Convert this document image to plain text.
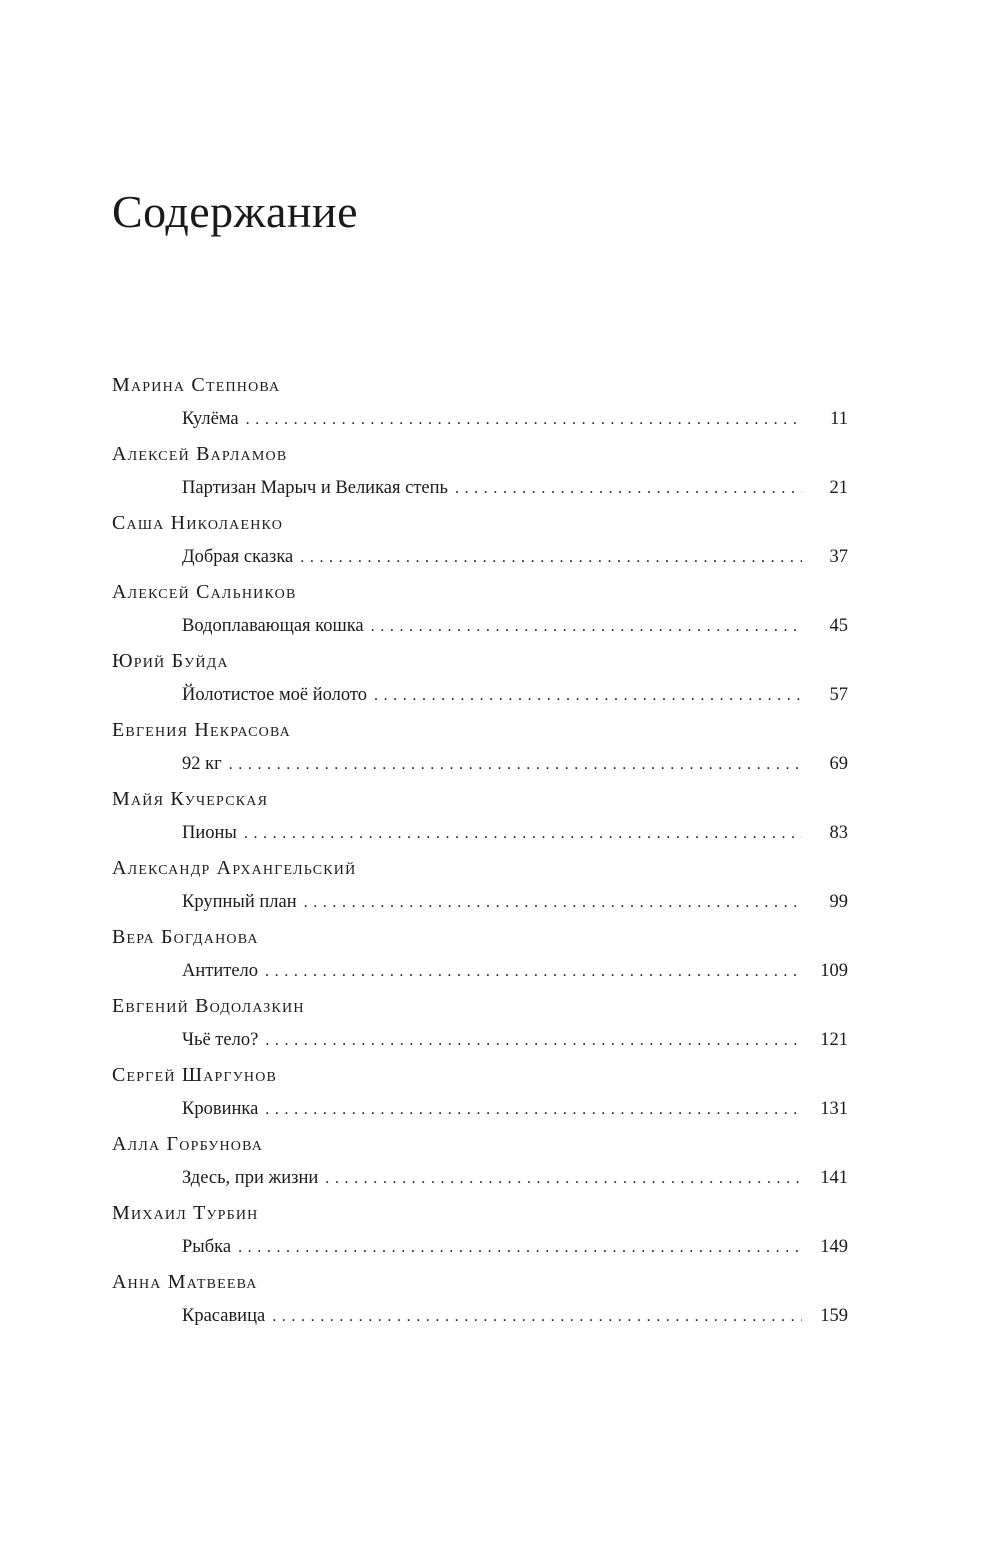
Содержание
Марина Степнова
Кулёма . . .	11
Алексей Варламов
Партизан Марыч и Великая степь . . .	21
Саша Николаенко
Добрая сказка . . .	37
Алексей Сальников
Водоплавающая кошка . . .	45
Юрий Буйда
Йолотистое моё йолото . . .	57
Евгения Некрасова
92 кг . . .	69
Майя Кучерская
Пионы . . .	83
Александр Архангельский
Крупный план . . .	99
Вера Богданова
Антитело . . .	109
Евгений Водолазкин
Чьё тело? . . .	121
Сергей Шаргунов
Кровинка . . .	131
Алла Горбунова
Здесь, при жизни . . .	141
Михаил Турбин
Рыбка . . .	149
Анна Матвеева
Красавица . . .	159
